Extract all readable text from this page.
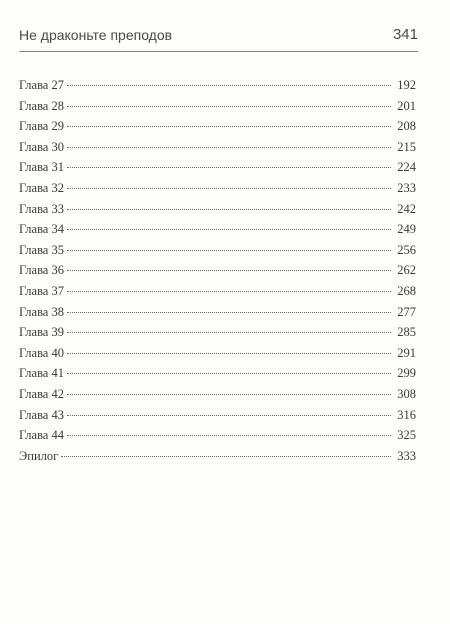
Не драконьте преподов	341
Глава 27	192
Глава 28	201
Глава 29	208
Глава 30	215
Глава 31	224
Глава 32	233
Глава 33	242
Глава 34	249
Глава 35	256
Глава 36	262
Глава 37	268
Глава 38	277
Глава 39	285
Глава 40	291
Глава 41	299
Глава 42	308
Глава 43	316
Глава 44	325
Эпилог	333
